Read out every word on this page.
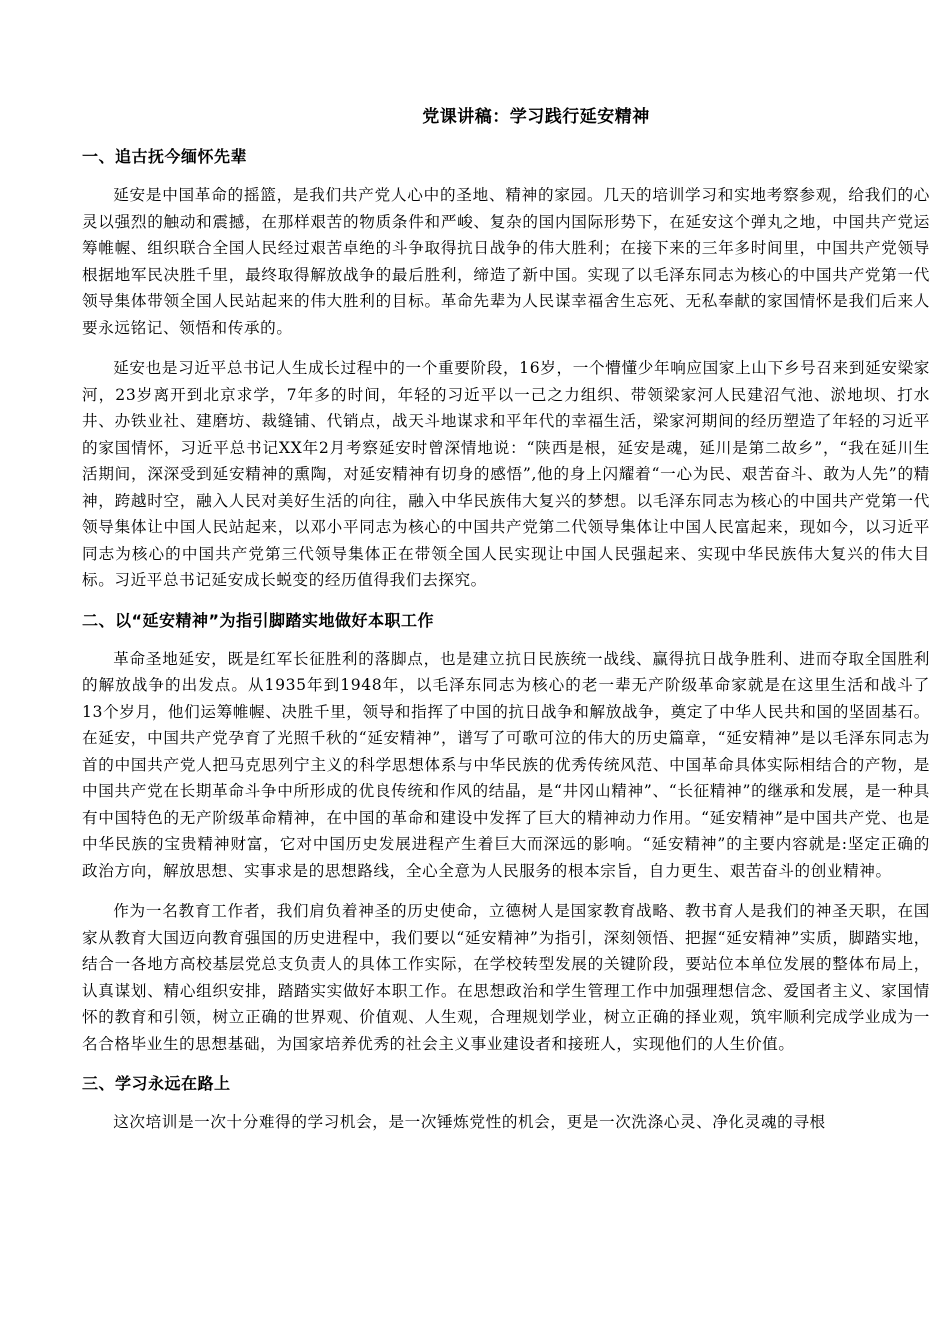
党课讲稿：学习践行延安精神
一、追古抚今缅怀先辈

延安是中国革命的摇篮，是我们共产党人心中的圣地、精神的家园。几天的培训学习和实地考察参观，给我们的心灵以强烈的触动和震撼，在那样艰苦的物质条件和严峻、复杂的国内国际形势下，在延安这个弹丸之地，中国共产党运筹帷幄、组织联合全国人民经过艰苦卓绝的斗争取得抗日战争的伟大胜利；在接下来的三年多时间里，中国共产党领导根据地军民决胜千里，最终取得解放战争的最后胜利，缔造了新中国。实现了以毛泽东同志为核心的中国共产党第一代领导集体带领全国人民站起来的伟大胜利的目标。革命先辈为人民谋幸福舍生忘死、无私奉献的家国情怀是我们后来人要永远铭记、领悟和传承的。

延安也是习近平总书记人生成长过程中的一个重要阶段，16岁，一个懵懂少年响应国家上山下乡号召来到延安梁家河，23岁离开到北京求学，7年多的时间，年轻的习近平以一己之力组织、带领梁家河人民建沼气池、淤地坝、打水井、办铁业社、建磨坊、裁缝铺、代销点，战天斗地谋求和平年代的幸福生活，梁家河期间的经历塑造了年轻的习近平的家国情怀，习近平总书记XX年2月考察延安时曾深情地说：“陕西是根，延安是魂，延川是第二故乡”，“我在延川生活期间，深深受到延安精神的熏陶，对延安精神有切身的感悟”,他的身上闪耀着“一心为民、艰苦奋斗、敢为人先”的精神，跨越时空，融入人民对美好生活的向往，融入中华民族伟大复兴的梦想。以毛泽东同志为核心的中国共产党第一代领导集体让中国人民站起来，以邓小平同志为核心的中国共产党第二代领导集体让中国人民富起来，现如今，以习近平同志为核心的中国共产党第三代领导集体正在带领全国人民实现让中国人民强起来、实现中华民族伟大复兴的伟大目标。习近平总书记延安成长蜕变的经历值得我们去探究。

二、以“延安精神”为指引脚踏实地做好本职工作

革命圣地延安，既是红军长征胜利的落脚点，也是建立抗日民族统一战线、赢得抗日战争胜利、进而夺取全国胜利的解放战争的出发点。从1935年到1948年，以毛泽东同志为核心的老一辈无产阶级革命家就是在这里生活和战斗了13个岁月，他们运筹帷幄、决胜千里，领导和指挥了中国的抗日战争和解放战争，奠定了中华人民共和国的坚固基石。在延安，中国共产党孕育了光照千秋的“延安精神”，谱写了可歌可泣的伟大的历史篇章，“延安精神”是以毛泽东同志为首的中国共产党人把马克思列宁主义的科学思想体系与中华民族的优秀传统风范、中国革命具体实际相结合的产物，是中国共产党在长期革命斗争中所形成的优良传统和作风的结晶，是“井冈山精神”、“长征精神”的继承和发展，是一种具有中国特色的无产阶级革命精神，在中国的革命和建设中发挥了巨大的精神动力作用。“延安精神”是中国共产党、也是中华民族的宝贵精神财富，它对中国历史发展进程产生着巨大而深远的影响。“延安精神”的主要内容就是:坚定正确的政治方向，解放思想、实事求是的思想路线，全心全意为人民服务的根本宗旨，自力更生、艰苦奋斗的创业精神。

作为一名教育工作者，我们肩负着神圣的历史使命，立德树人是国家教育战略、教书育人是我们的神圣天职，在国家从教育大国迈向教育强国的历史进程中，我们要以“延安精神”为指引，深刻领悟、把握“延安精神”实质，脚踏实地，结合一各地方高校基层党总支负责人的具体工作实际，在学校转型发展的关键阶段，要站位本单位发展的整体布局上，认真谋划、精心组织安排，踏踏实实做好本职工作。在思想政治和学生管理工作中加强理想信念、爱国者主义、家国情怀的教育和引领，树立正确的世界观、价值观、人生观，合理规划学业，树立正确的择业观，筑牢顺利完成学业成为一名合格毕业生的思想基础，为国家培养优秀的社会主义事业建设者和接班人，实现他们的人生价值。

三、学习永远在路上

这次培训是一次十分难得的学习机会，是一次锤炼党性的机会，更是一次洗涤心灵、净化灵魂的寻根
